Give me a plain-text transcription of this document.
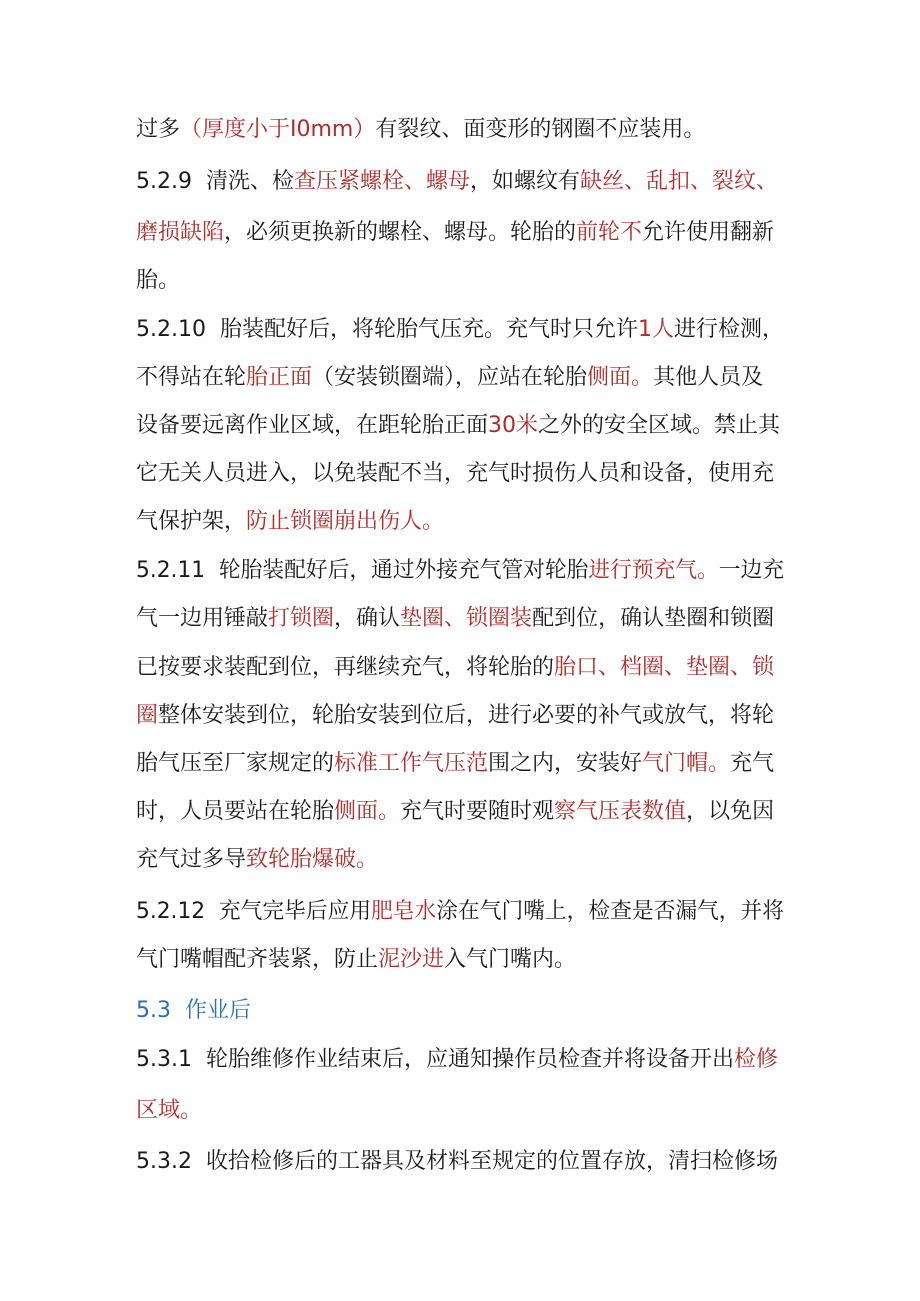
过多（厚度小于I0mm）有裂纹、面变形的钢圈不应装用。
5.2.9  清洗、检查压紧螺栓、螺母，如螺纹有缺丝、乱扣、裂纹、
磨损缺陷，必须更换新的螺栓、螺母。轮胎的前轮不允许使用翻新
胎。
5.2.10  胎装配好后，将轮胎气压充。充气时只允许1人进行检测，
不得站在轮胎正面（安装锁圈端），应站在轮胎侧面。其他人员及
设备要远离作业区域，在距轮胎正面30米之外的安全区域。禁止其
它无关人员进入，以免装配不当，充气时损伤人员和设备，使用充
气保护架，防止锁圈崩出伤人。
5.2.11  轮胎装配好后，通过外接充气管对轮胎进行预充气。一边充
气一边用锤敲打锁圈，确认垫圈、锁圈装配到位，确认垫圈和锁圈
已按要求装配到位，再继续充气，将轮胎的胎口、档圈、垫圈、锁
圈整体安装到位，轮胎安装到位后，进行必要的补气或放气，将轮
胎气压至厂家规定的标准工作气压范围之内，安装好气门帽。充气
时，人员要站在轮胎侧面。充气时要随时观察气压表数值，以免因
充气过多导致轮胎爆破。
5.2.12  充气完毕后应用肥皂水涂在气门嘴上，检查是否漏气，并将
气门嘴帽配齐装紧，防止泥沙进入气门嘴内。
5.3  作业后
5.3.1  轮胎维修作业结束后，应通知操作员检查并将设备开出检修
区域。
5.3.2  收拾检修后的工器具及材料至规定的位置存放，清扫检修场
